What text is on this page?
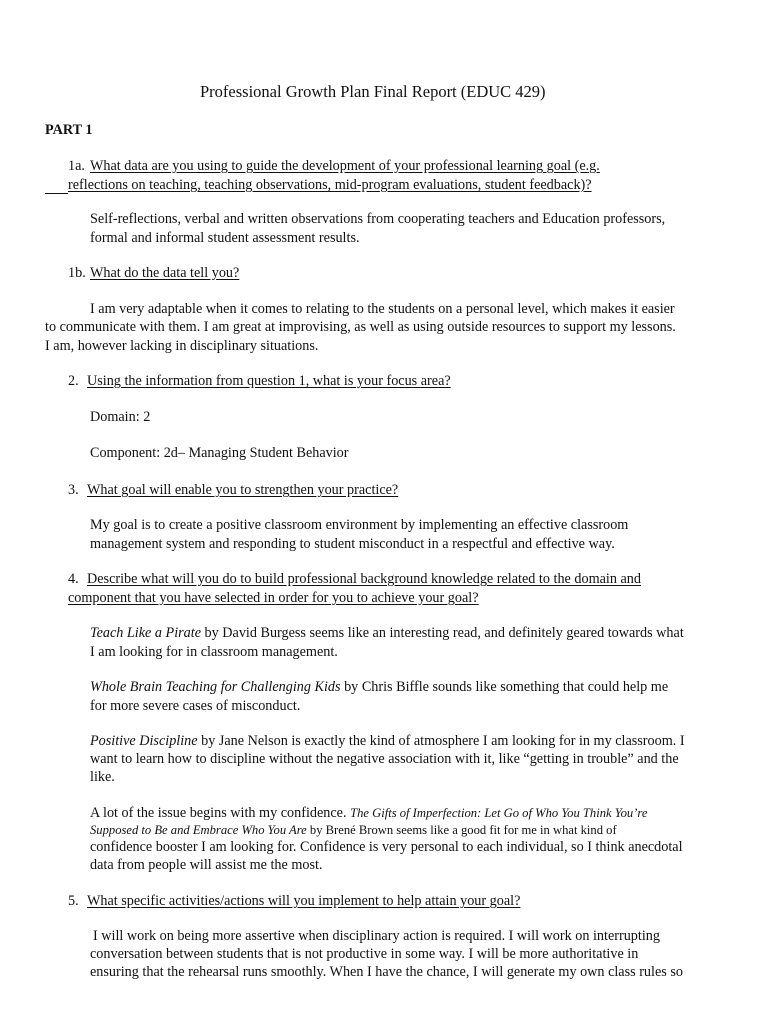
Professional Growth Plan Final Report (EDUC 429)
PART 1
1a. What data are you using to guide the development of your professional learning goal (e.g.
reflections on teaching, teaching observations, mid-program evaluations, student feedback)?
Self-reflections, verbal and written observations from cooperating teachers and Education professors,
formal and informal student assessment results.
1b. What do the data tell you?
I am very adaptable when it comes to relating to the students on a personal level, which makes it easier
to communicate with them. I am great at improvising, as well as using outside resources to support my lessons.
I am, however lacking in disciplinary situations.
2. Using the information from question 1, what is your focus area?
Domain: 2
Component: 2d– Managing Student Behavior
3. What goal will enable you to strengthen your practice?
My goal is to create a positive classroom environment by implementing an effective classroom
management system and responding to student misconduct in a respectful and effective way.
4. Describe what will you do to build professional background knowledge related to the domain and
component that you have selected in order for you to achieve your goal?
Teach Like a Pirate by David Burgess seems like an interesting read, and definitely geared towards what
I am looking for in classroom management.
Whole Brain Teaching for Challenging Kids by Chris Biffle sounds like something that could help me
for more severe cases of misconduct.
Positive Discipline by Jane Nelson is exactly the kind of atmosphere I am looking for in my classroom. I
want to learn how to discipline without the negative association with it, like “getting in trouble” and the
like.
A lot of the issue begins with my confidence. The Gifts of Imperfection: Let Go of Who You Think You’re
Supposed to Be and Embrace Who You Are by Brené Brown seems like a good fit for me in what kind of
confidence booster I am looking for. Confidence is very personal to each individual, so I think anecdotal
data from people will assist me the most.
5. What specific activities/actions will you implement to help attain your goal?
I will work on being more assertive when disciplinary action is required. I will work on interrupting
conversation between students that is not productive in some way. I will be more authoritative in
ensuring that the rehearsal runs smoothly. When I have the chance, I will generate my own class rules so
